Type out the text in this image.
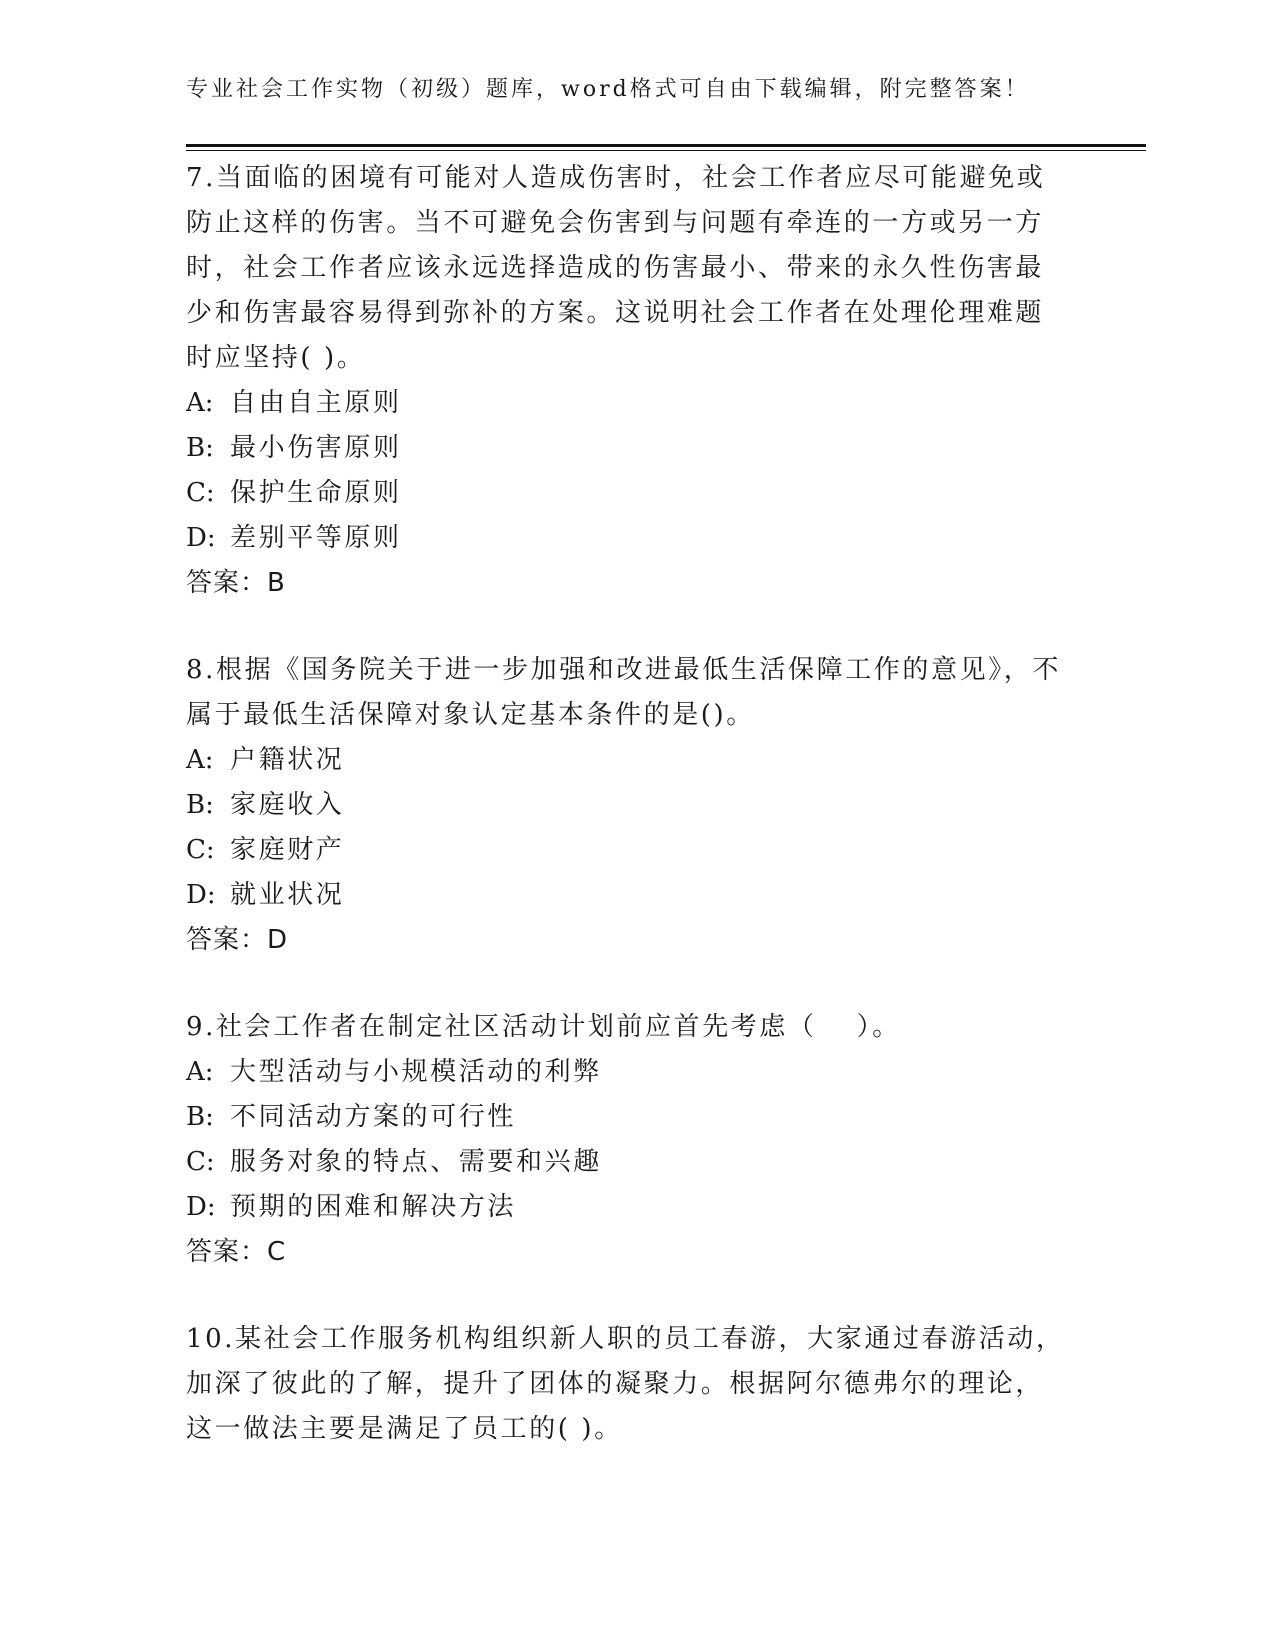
专业社会工作实物（初级）题库，word格式可自由下载编辑，附完整答案！

7.当面临的困境有可能对人造成伤害时，社会工作者应尽可能避免或防止这样的伤害。当不可避免会伤害到与问题有牵连的一方或另一方时，社会工作者应该永远选择造成的伤害最小、带来的永久性伤害最少和伤害最容易得到弥补的方案。这说明社会工作者在处理伦理难题时应坚持( )。

A: 自由自主原则

B: 最小伤害原则

C: 保护生命原则

D: 差别平等原则

答案：B

8.根据《国务院关于进一步加强和改进最低生活保障工作的意见》，不属于最低生活保障对象认定基本条件的是()。

A: 户籍状况

B: 家庭收入

C: 家庭财产

D: 就业状况

答案：D

9.社会工作者在制定社区活动计划前应首先考虑（ ）。

A: 大型活动与小规模活动的利弊

B: 不同活动方案的可行性

C: 服务对象的特点、需要和兴趣

D: 预期的困难和解决方法

答案：C

10.某社会工作服务机构组织新人职的员工春游，大家通过春游活动，加深了彼此的了解，提升了团体的凝聚力。根据阿尔德弗尔的理论，这一做法主要是满足了员工的( )。
